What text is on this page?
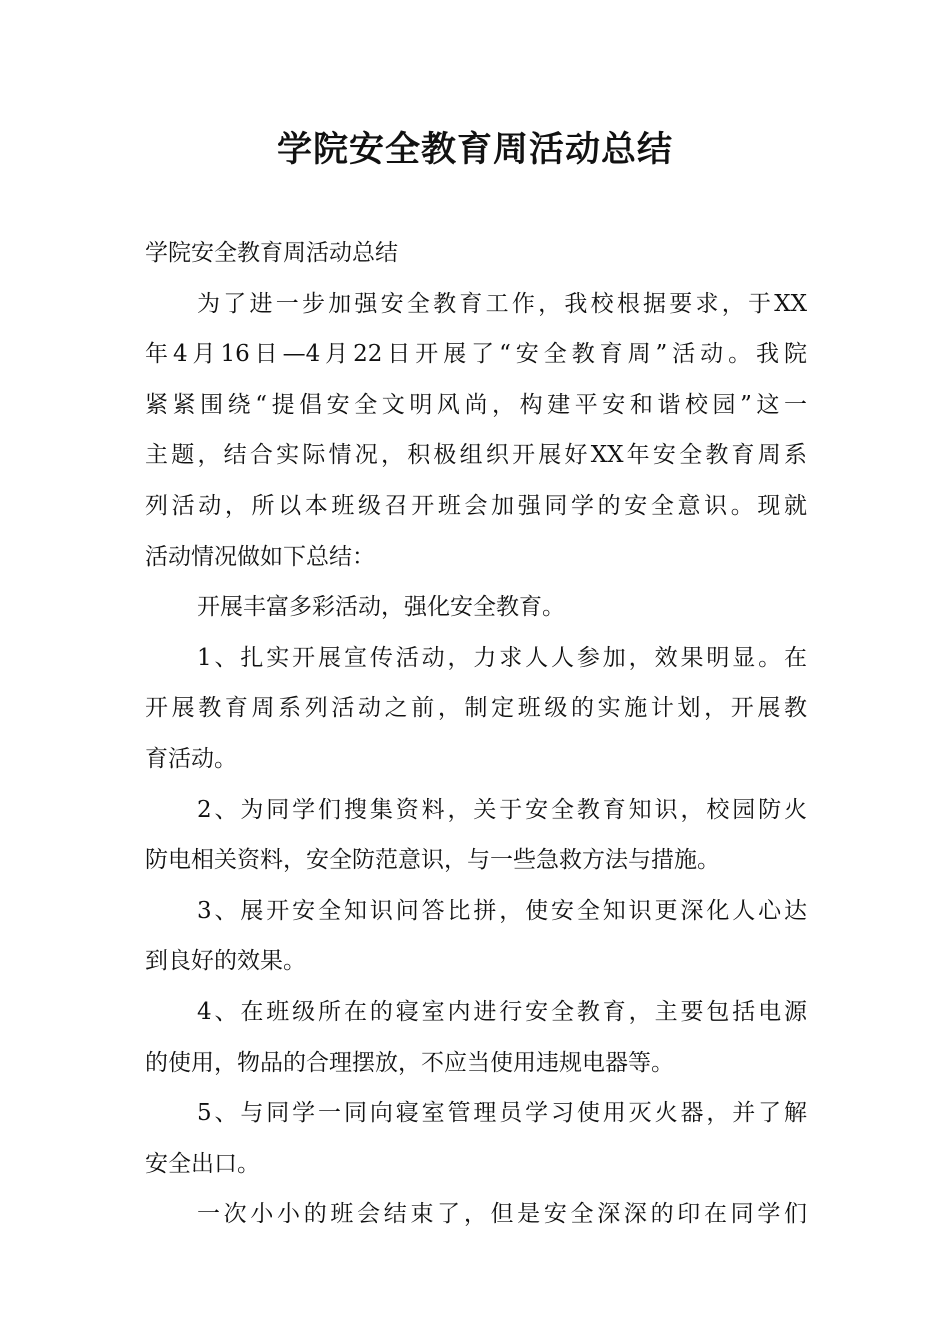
学院安全教育周活动总结
学院安全教育周活动总结
为了进一步加强安全教育工作，我校根据要求，于XX
年4月16日—4月22日开展了“安全教育周”活动。我院
紧紧围绕“提倡安全文明风尚，构建平安和谐校园”这一
主题，结合实际情况，积极组织开展好XX年安全教育周系
列活动，所以本班级召开班会加强同学的安全意识。现就
活动情况做如下总结：
开展丰富多彩活动，强化安全教育。
1、扎实开展宣传活动，力求人人参加，效果明显。在
开展教育周系列活动之前，制定班级的实施计划，开展教
育活动。
2、为同学们搜集资料，关于安全教育知识，校园防火
防电相关资料，安全防范意识，与一些急救方法与措施。
3、展开安全知识问答比拼，使安全知识更深化人心达
到良好的效果。
4、在班级所在的寝室内进行安全教育，主要包括电源
的使用，物品的合理摆放，不应当使用违规电器等。
5、与同学一同向寝室管理员学习使用灭火器，并了解
安全出口。
一次小小的班会结束了，但是安全深深的印在同学们
